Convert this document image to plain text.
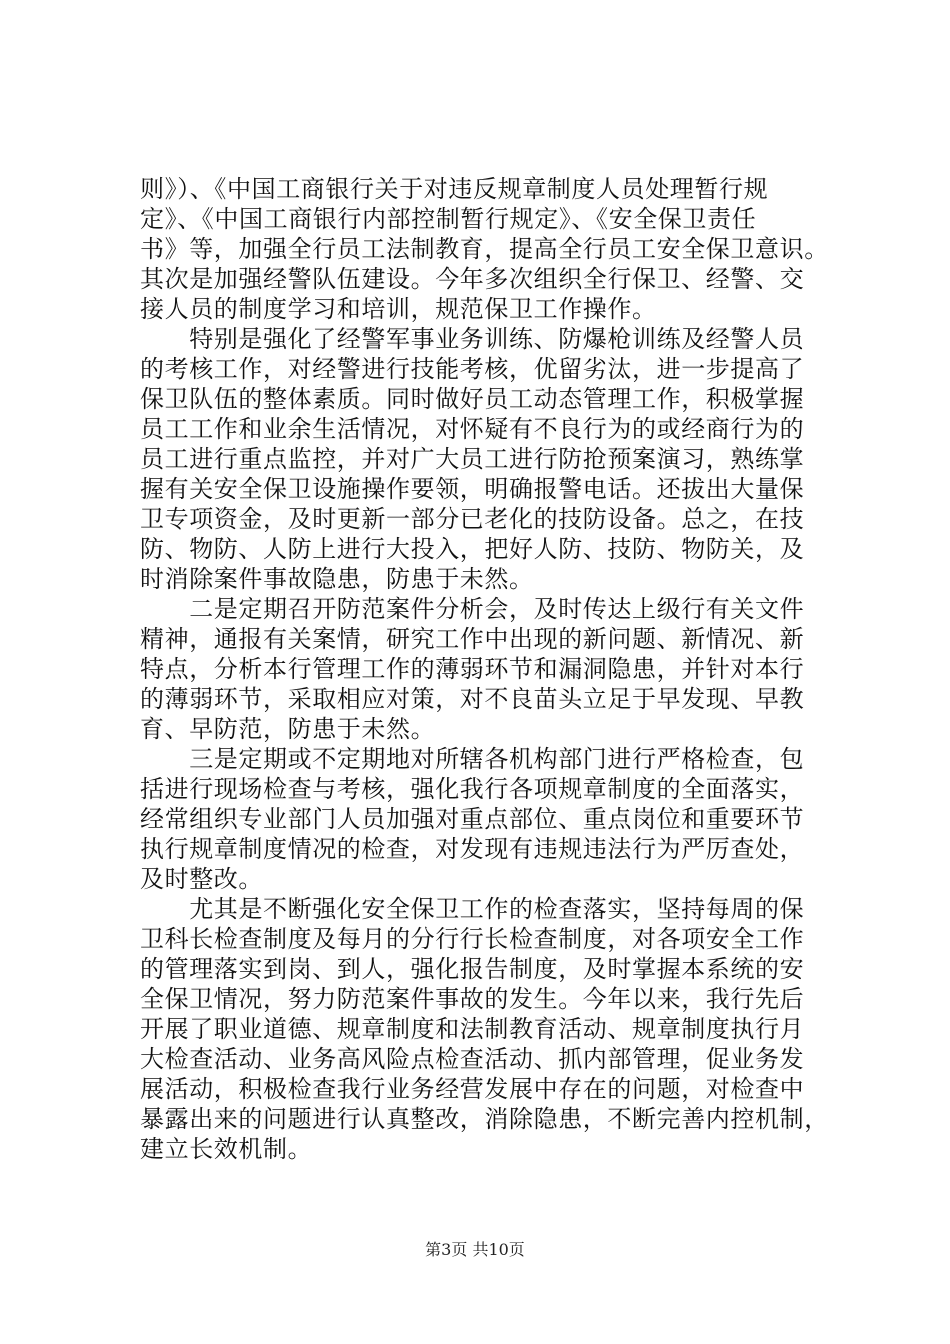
则》）、《中国工商银行关于对违反规章制度人员处理暂行规
定》、《中国工商银行内部控制暂行规定》、《安全保卫责任
书》等，加强全行员工法制教育，提高全行员工安全保卫意识。
其次是加强经警队伍建设。今年多次组织全行保卫、经警、交
接人员的制度学习和培训，规范保卫工作操作。
　　特别是强化了经警军事业务训练、防爆枪训练及经警人员
的考核工作，对经警进行技能考核，优留劣汰，进一步提高了
保卫队伍的整体素质。同时做好员工动态管理工作，积极掌握
员工工作和业余生活情况，对怀疑有不良行为的或经商行为的
员工进行重点监控，并对广大员工进行防抢预案演习，熟练掌
握有关安全保卫设施操作要领，明确报警电话。还拔出大量保
卫专项资金，及时更新一部分已老化的技防设备。总之，在技
防、物防、人防上进行大投入，把好人防、技防、物防关，及
时消除案件事故隐患，防患于未然。
　　二是定期召开防范案件分析会，及时传达上级行有关文件
精神，通报有关案情，研究工作中出现的新问题、新情况、新
特点，分析本行管理工作的薄弱环节和漏洞隐患，并针对本行
的薄弱环节，采取相应对策，对不良苗头立足于早发现、早教
育、早防范，防患于未然。
　　三是定期或不定期地对所辖各机构部门进行严格检查，包
括进行现场检查与考核，强化我行各项规章制度的全面落实，
经常组织专业部门人员加强对重点部位、重点岗位和重要环节
执行规章制度情况的检查，对发现有违规违法行为严厉查处，
及时整改。
　　尤其是不断强化安全保卫工作的检查落实，坚持每周的保
卫科长检查制度及每月的分行行长检查制度，对各项安全工作
的管理落实到岗、到人，强化报告制度，及时掌握本系统的安
全保卫情况，努力防范案件事故的发生。今年以来，我行先后
开展了职业道德、规章制度和法制教育活动、规章制度执行月
大检查活动、业务高风险点检查活动、抓内部管理，促业务发
展活动，积极检查我行业务经营发展中存在的问题，对检查中
暴露出来的问题进行认真整改，消除隐患，不断完善内控机制，
建立长效机制。
第3页 共10页
